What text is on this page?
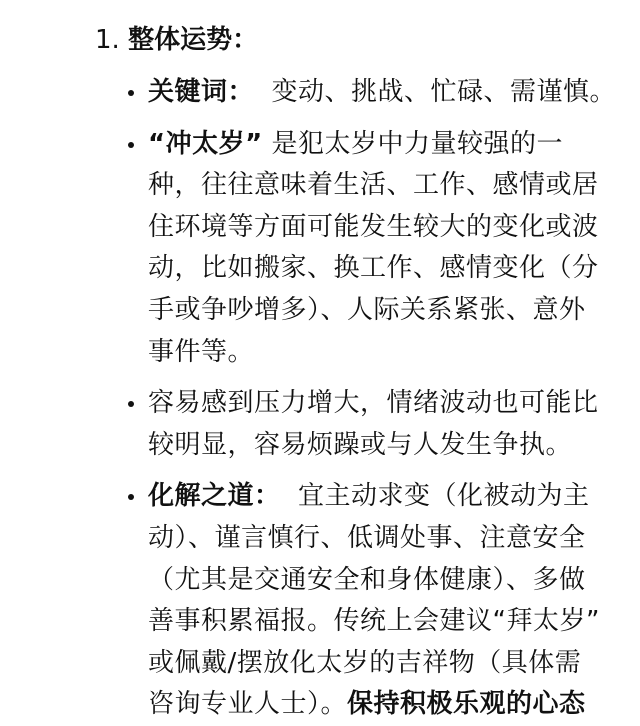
1. 整体运势：
关键词： 变动、挑战、忙碌、需谨慎。
“冲太岁” 是犯太岁中力量较强的一
种，往往意味着生活、工作、感情或居
住环境等方面可能发生较大的变化或波
动，比如搬家、换工作、感情变化（分
手或争吵增多）、人际关系紧张、意外
事件等。
容易感到压力增大，情绪波动也可能比
较明显，容易烦躁或与人发生争执。
化解之道： 宜主动求变（化被动为主
动）、谨言慎行、低调处事、注意安全
（尤其是交通安全和身体健康）、多做
善事积累福报。传统上会建议“拜太岁”
或佩戴/摆放化太岁的吉祥物（具体需
咨询专业人士）。保持积极乐观的心态
